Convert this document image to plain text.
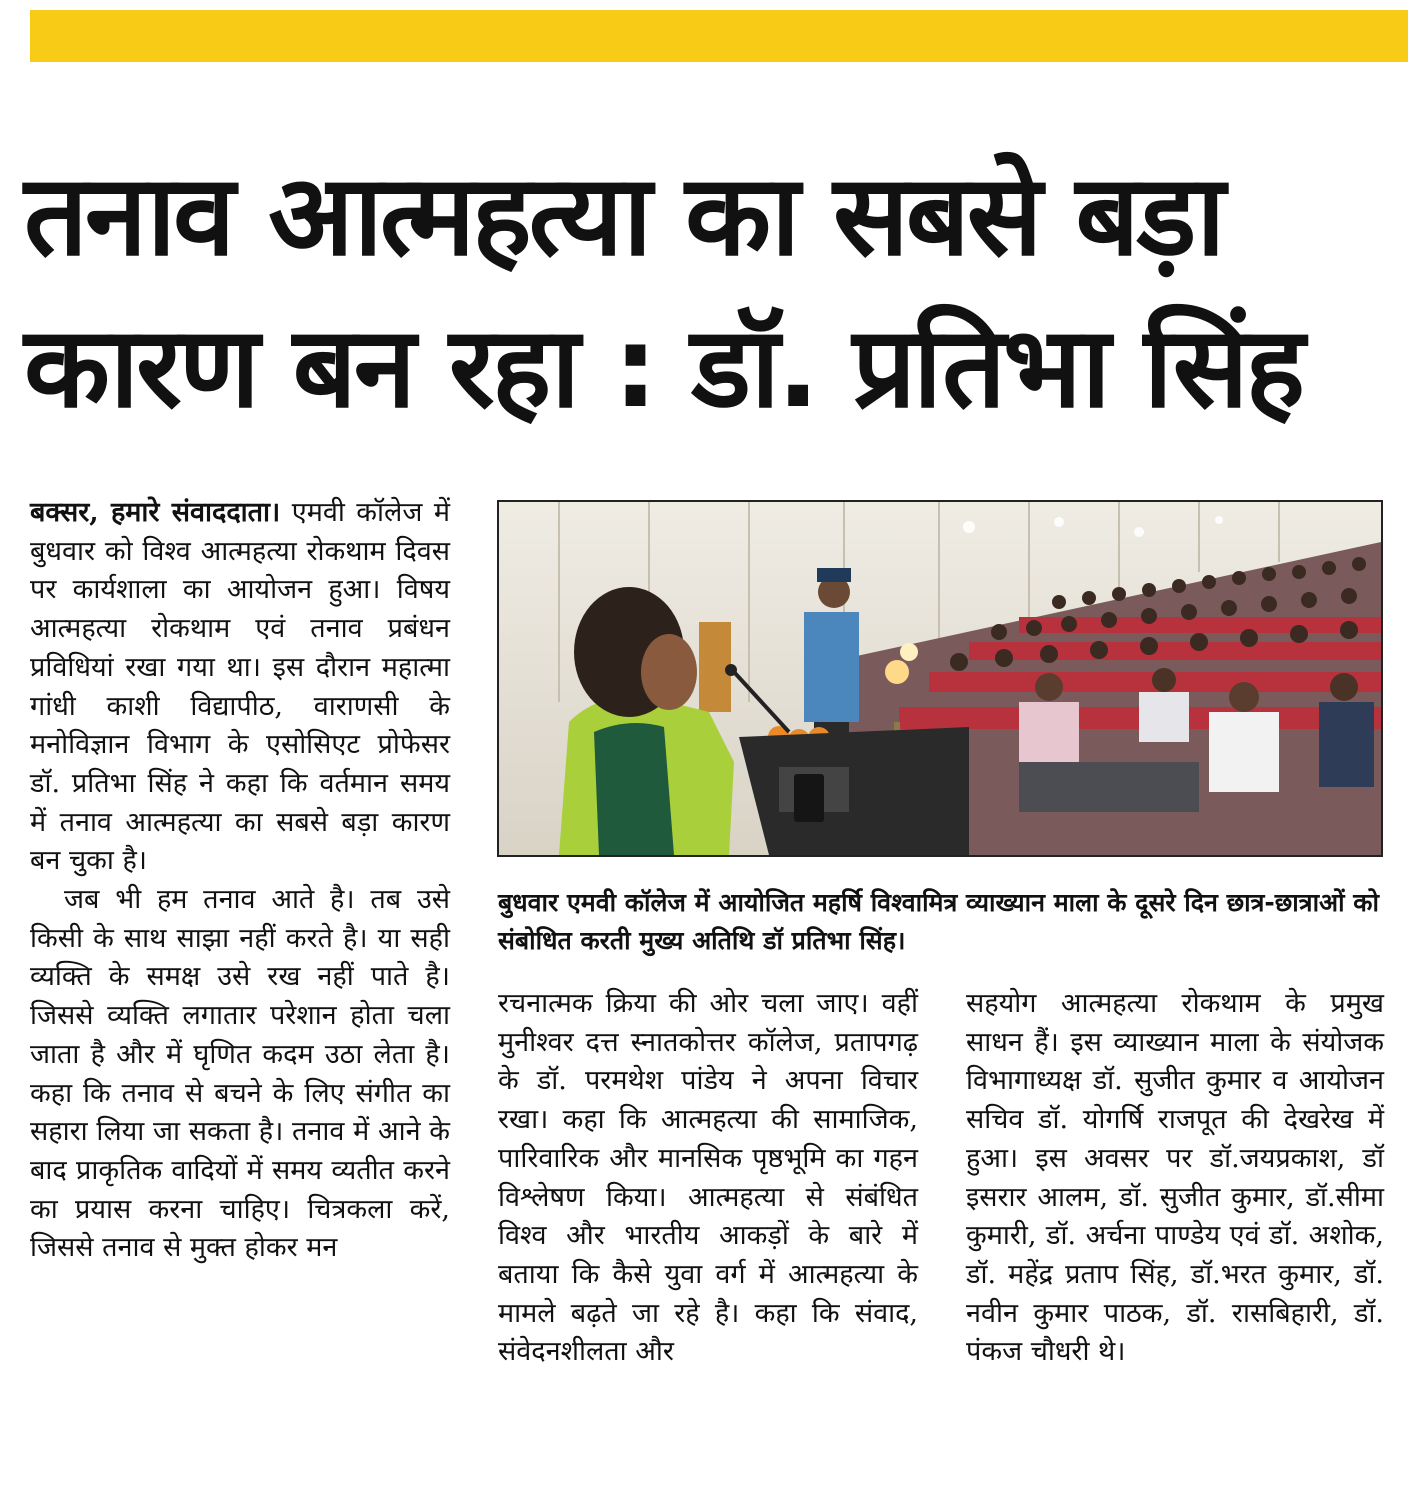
तनाव आत्महत्या का सबसे बड़ा कारण बन रहा : डॉ. प्रतिभा सिंह

बक्सर, हमारे संवाददाता। एमवी कॉलेज में बुधवार को विश्व आत्महत्या रोकथाम दिवस पर कार्यशाला का आयोजन हुआ। विषय आत्महत्या रोकथाम एवं तनाव प्रबंधन प्रविधियां रखा गया था। इस दौरान महात्मा गांधी काशी विद्यापीठ, वाराणसी के मनोविज्ञान विभाग के एसोसिएट प्रोफेसर डॉ. प्रतिभा सिंह ने कहा कि वर्तमान समय में तनाव आत्महत्या का सबसे बड़ा कारण बन चुका है।

जब भी हम तनाव आते है। तब उसे किसी के साथ साझा नहीं करते है। या सही व्यक्ति के समक्ष उसे रख नहीं पाते है। जिससे व्यक्ति लगातार परेशान होता चला जाता है और में घृणित कदम उठा लेता है। कहा कि तनाव से बचने के लिए संगीत का सहारा लिया जा सकता है। तनाव में आने के बाद प्राकृतिक वादियों में समय व्यतीत करने का प्रयास करना चाहिए। चित्रकला करें, जिससे तनाव से मुक्त होकर मन

बुधवार एमवी कॉलेज में आयोजित महर्षि विश्वामित्र व्याख्यान माला के दूसरे दिन छात्र-छात्राओं को संबोधित करती मुख्य अतिथि डॉ प्रतिभा सिंह।

रचनात्मक क्रिया की ओर चला जाए। वहीं मुनीश्वर दत्त स्नातकोत्तर कॉलेज, प्रतापगढ़ के डॉ. परमथेश पांडेय ने अपना विचार रखा। कहा कि आत्महत्या की सामाजिक, पारिवारिक और मानसिक पृष्ठभूमि का गहन विश्लेषण किया। आत्महत्या से संबंधित विश्व और भारतीय आकड़ों के बारे में बताया कि कैसे युवा वर्ग में आत्महत्या के मामले बढ़ते जा रहे है। कहा कि संवाद, संवेदनशीलता और

सहयोग आत्महत्या रोकथाम के प्रमुख साधन हैं। इस व्याख्यान माला के संयोजक विभागाध्यक्ष डॉ. सुजीत कुमार व आयोजन सचिव डॉ. योगर्षि राजपूत की देखरेख में हुआ। इस अवसर पर डॉ.जयप्रकाश, डॉ इसरार आलम, डॉ. सुजीत कुमार, डॉ.सीमा कुमारी, डॉ. अर्चना पाण्डेय एवं डॉ. अशोक, डॉ. महेंद्र प्रताप सिंह, डॉ.भरत कुमार, डॉ. नवीन कुमार पाठक, डॉ. रासबिहारी, डॉ. पंकज चौधरी थे।
